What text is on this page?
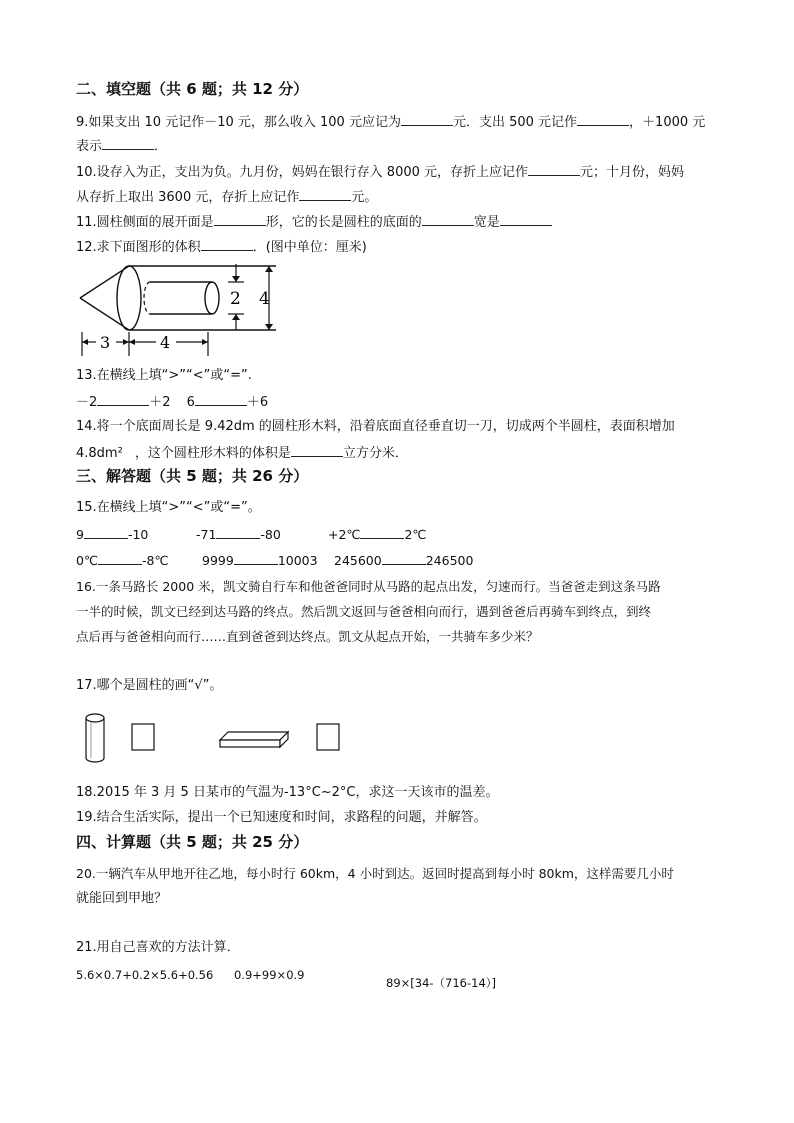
二、填空题（共 6 题；共 12 分）
9.如果支出 10 元记作－10 元，那么收入 100 元应记为	元．支出 500 元记作	，＋1000 元
表示	．
10.设存入为正，支出为负。九月份，妈妈在银行存入 8000 元，存折上应记作	元；十月份，妈妈
从存折上取出 3600 元，存折上应记作	元。
11.圆柱侧面的展开面是	形，它的长是圆柱的底面的	宽是
12.求下面图形的体积	．(图中单位：厘米)
2 4
3	4
13.在横线上填“>”“<”或“=”.
－2	＋2 6	＋6
14.将一个底面周长是 9.42dm 的圆柱形木料，沿着底面直径垂直切一刀，切成两个半圆柱，表面积增加
4.8dm² ，这个圆柱形木料的体积是	立方分米．
三、解答题（共 5 题；共 26 分）
15.在横线上填“>”“<”或“=”。
9	-10	-71	-80	+2℃	2℃
0℃	-8℃	9999	10003 245600	246500
16.一条马路长 2000 米，凯文骑自行车和他爸爸同时从马路的起点出发，匀速而行。当爸爸走到这条马路
一半的时候，凯文已经到达马路的终点。然后凯文返回与爸爸相向而行，遇到爸爸后再骑车到终点，到终
点后再与爸爸相向而行……直到爸爸到达终点。凯文从起点开始，一共骑车多少米？
17.哪个是圆柱的画“√”。
18.2015 年 3 月 5 日某市的气温为-13°C~2°C，求这一天该市的温差。
19.结合生活实际，提出一个已知速度和时间，求路程的问题，并解答。
四、计算题（共 5 题；共 25 分）
20.一辆汽车从甲地开往乙地，每小时行 60km，4 小时到达。返回时提高到每小时 80km，这样需要几小时
就能回到甲地？
21.用自己喜欢的方法计算．
5.6×0.7+0.2×5.6+0.56 0.9+99×0.9
89×[34-（716-14）]
